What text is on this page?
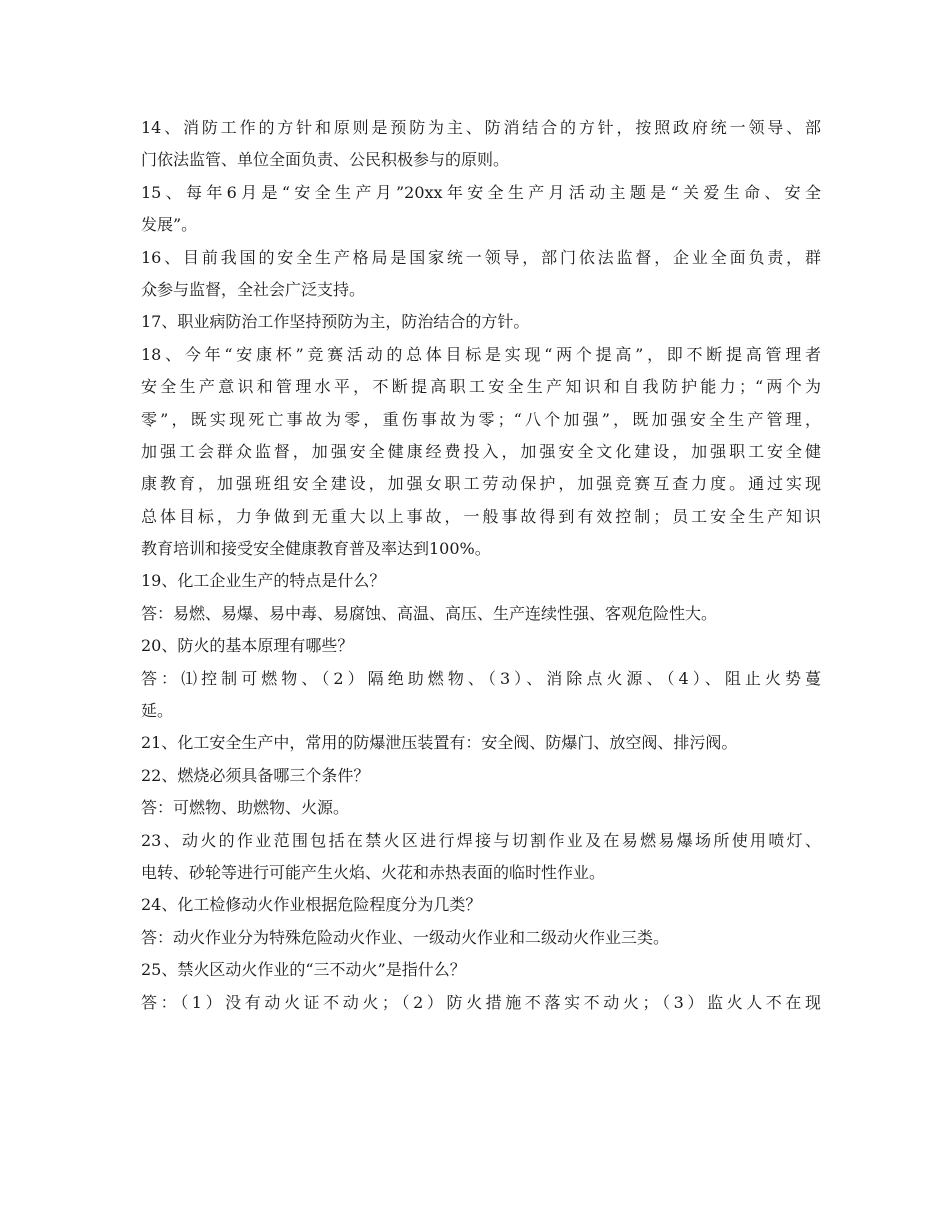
14、消防工作的方针和原则是预防为主、防消结合的方针，按照政府统一领导、部
门依法监管、单位全面负责、公民积极参与的原则。
15、每年6月是“安全生产月”20xx年安全生产月活动主题是“关爱生命、安全
发展”。
16、目前我国的安全生产格局是国家统一领导，部门依法监督，企业全面负责，群
众参与监督，全社会广泛支持。
17、职业病防治工作坚持预防为主，防治结合的方针。
18、今年“安康杯”竞赛活动的总体目标是实现“两个提高”，即不断提高管理者
安全生产意识和管理水平，不断提高职工安全生产知识和自我防护能力；“两个为
零”，既实现死亡事故为零，重伤事故为零；“八个加强”，既加强安全生产管理，
加强工会群众监督，加强安全健康经费投入，加强安全文化建设，加强职工安全健
康教育，加强班组安全建设，加强女职工劳动保护，加强竞赛互查力度。通过实现
总体目标，力争做到无重大以上事故，一般事故得到有效控制；员工安全生产知识
教育培训和接受安全健康教育普及率达到100%。
19、化工企业生产的特点是什么？
答：易燃、易爆、易中毒、易腐蚀、高温、高压、生产连续性强、客观危险性大。
20、防火的基本原理有哪些？
答：⑴控制可燃物、（2）隔绝助燃物、（3）、消除点火源、（4）、阻止火势蔓
延。
21、化工安全生产中，常用的防爆泄压装置有：安全阀、防爆门、放空阀、排污阀。
22、燃烧必须具备哪三个条件？
答：可燃物、助燃物、火源。
23、动火的作业范围包括在禁火区进行焊接与切割作业及在易燃易爆场所使用喷灯、
电转、砂轮等进行可能产生火焰、火花和赤热表面的临时性作业。
24、化工检修动火作业根据危险程度分为几类？
答：动火作业分为特殊危险动火作业、一级动火作业和二级动火作业三类。
25、禁火区动火作业的“三不动火”是指什么？
答：（1）没有动火证不动火；（2）防火措施不落实不动火；（3）监火人不在现
